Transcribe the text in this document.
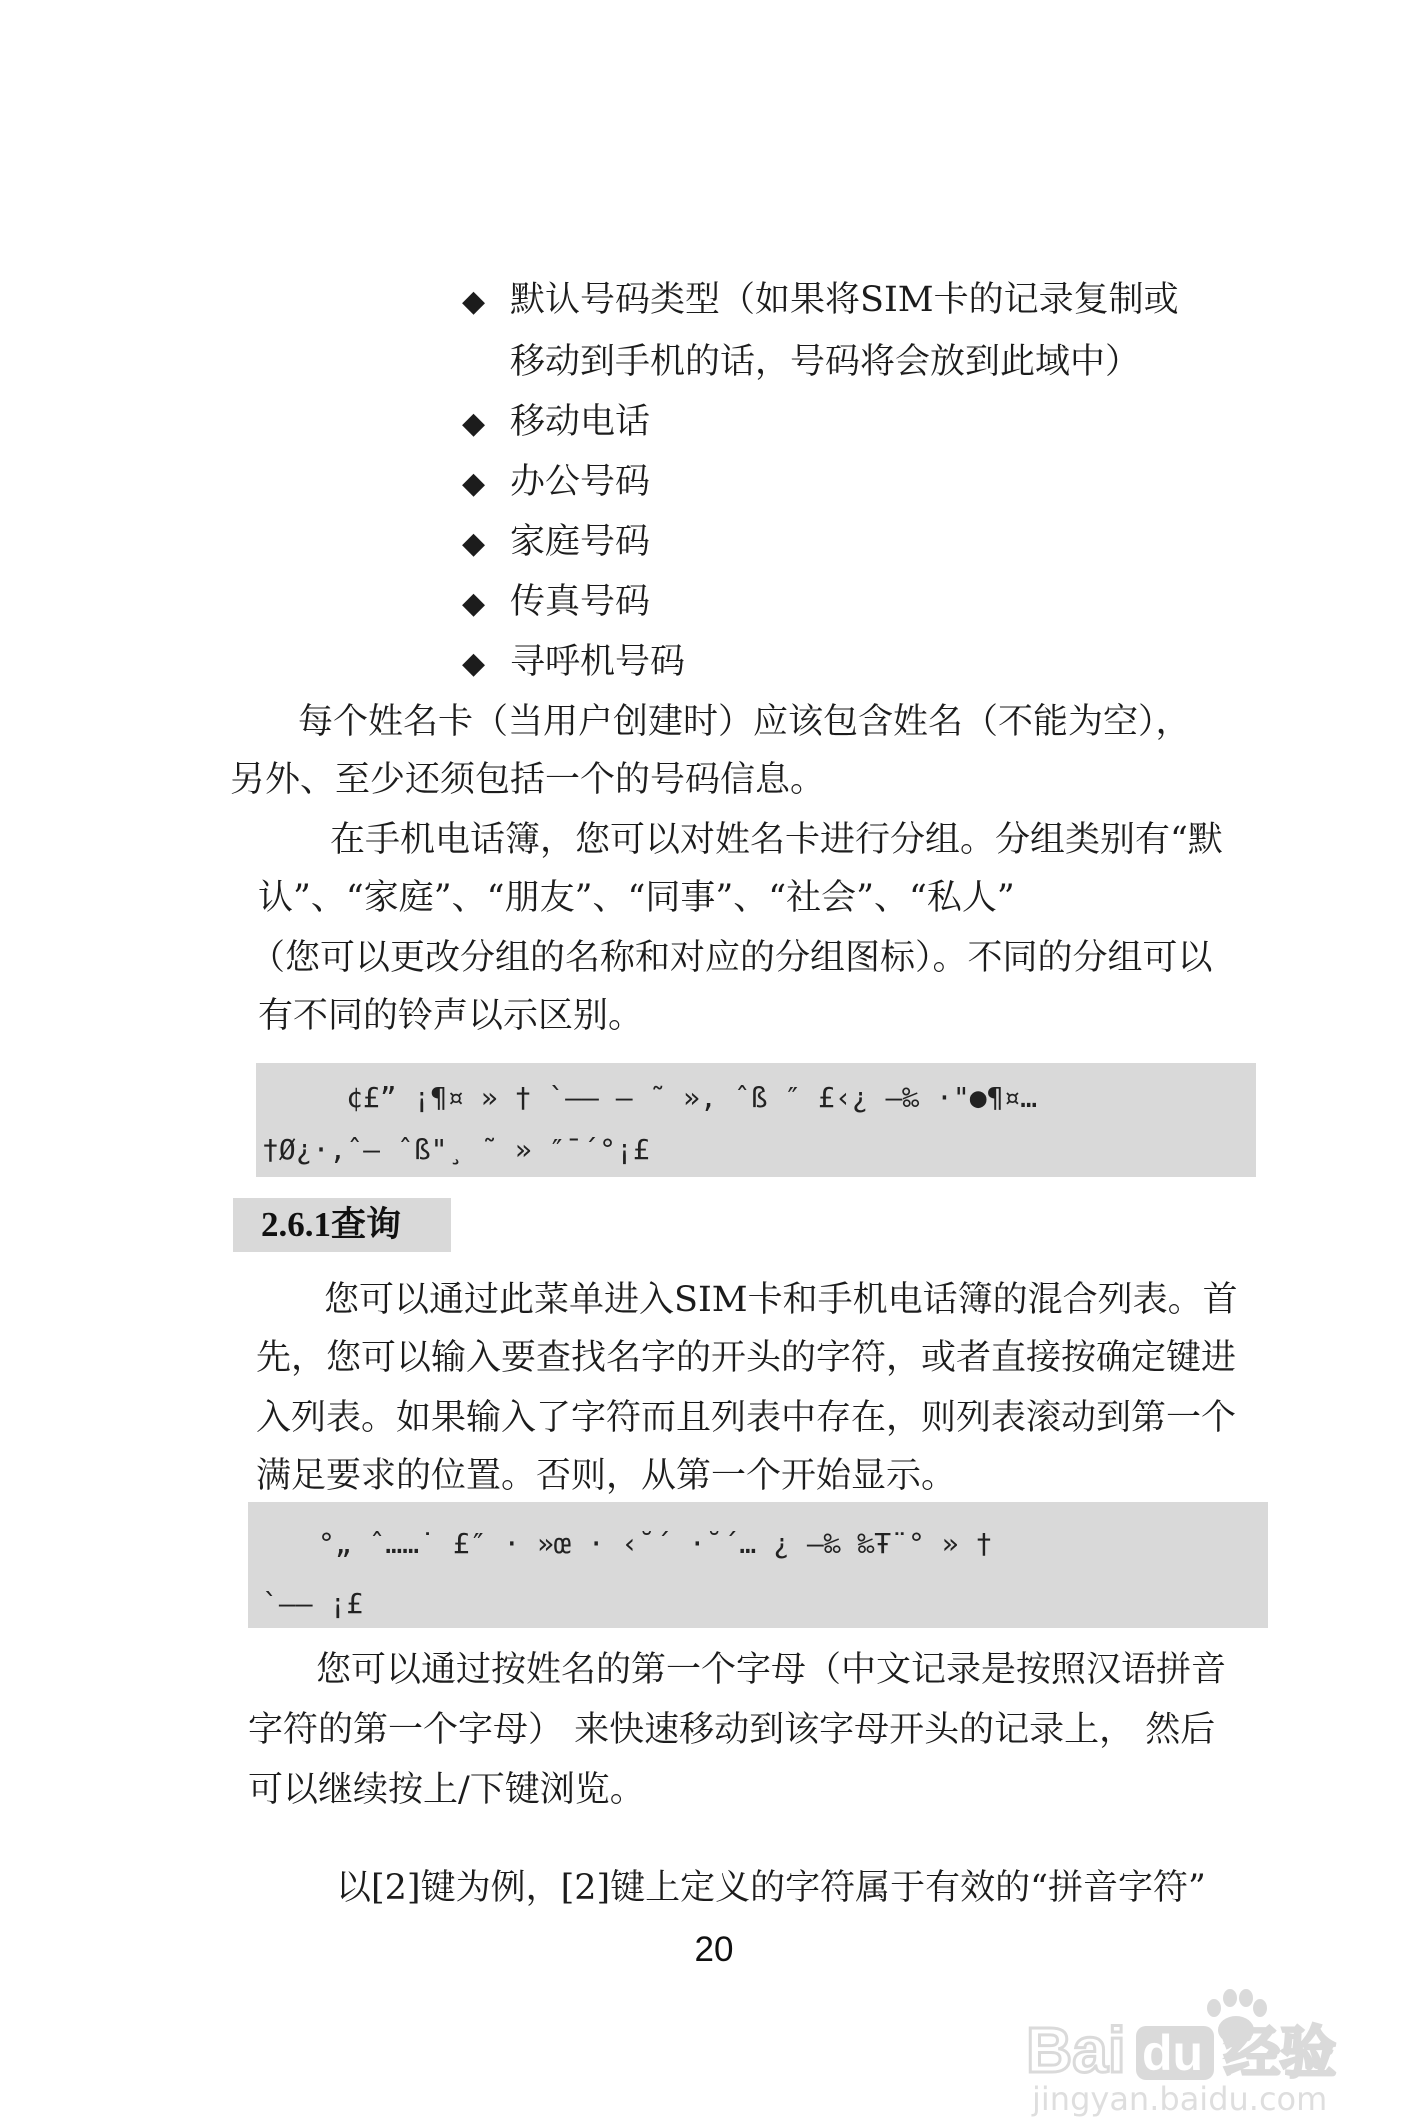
◆ 默认号码类型（如果将SIM卡的记录复制或
移动到手机的话，号码将会放到此域中）
◆ 移动电话
◆ 办公号码
◆ 家庭号码
◆ 传真号码
◆ 寻呼机号码
每个姓名卡（当用户创建时）应该包含姓名（不能为空），
另外、至少还须包括一个的号码信息。
在手机电话簿，您可以对姓名卡进行分组。分组类别有“默
认”、“家庭”、“朋友”、“同事”、“社会”、“私人”
（您可以更改分组的名称和对应的分组图标）。不同的分组可以
有不同的铃声以示区别。
¢£” ¡¶¤ » † `—— — ˜ », ˆß ″ £‹¿ –‰ ·"●¶¤…
†Ø¿·,ˆ— ˆß"¸ ˜ » ″¯´°¡£
2.6.1查询
您可以通过此菜单进入SIM卡和手机电话簿的混合列表。首
先，您可以输入要查找名字的开头的字符，或者直接按确定键进
入列表。如果输入了字符而且列表中存在，则列表滚动到第一个
满足要求的位置。否则，从第一个开始显示。
°„ ˆ……˙ £″ · »œ · ‹˘´ ·˘´… ¿ –‰ ‰Ŧ¨° » †
`—— ¡£
您可以通过按姓名的第一个字母（中文记录是按照汉语拼音
字符的第一个字母） 来快速移动到该字母开头的记录上， 然后
可以继续按上/下键浏览。
以[2]键为例，[2]键上定义的字符属于有效的“拼音字符”
20
Bai du 经验
jingyan.baidu.com
